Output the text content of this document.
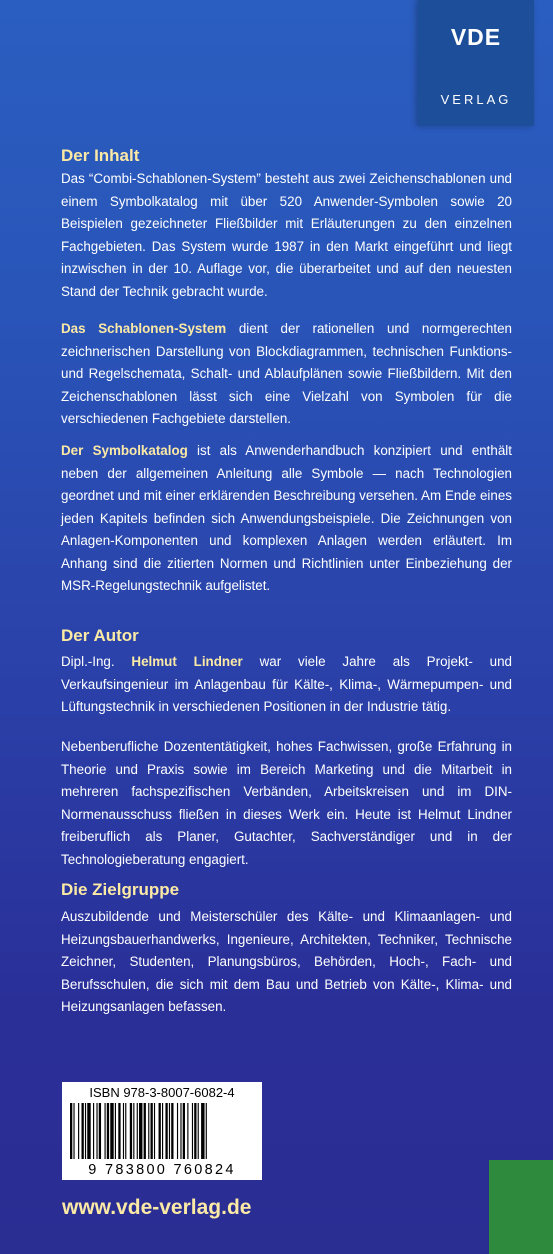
VDE
VERLAG
Der Inhalt

Das “Combi-Schablonen-System” besteht aus zwei Zeichenschablonen und einem Symbolkatalog mit über 520 Anwender-Symbolen sowie 20 Beispielen gezeichneter Fließbilder mit Erläuterungen zu den einzelnen Fachgebieten. Das System wurde 1987 in den Markt eingeführt und liegt inzwischen in der 10. Auflage vor, die überarbeitet und auf den neuesten Stand der Technik gebracht wurde.

Das Schablonen-System dient der rationellen und normgerechten zeichnerischen Darstellung von Blockdiagrammen, technischen Funktions- und Regelschemata, Schalt- und Ablaufplänen sowie Fließbildern. Mit den Zeichenschablonen lässt sich eine Vielzahl von Symbolen für die verschiedenen Fachgebiete darstellen.

Der Symbolkatalog ist als Anwenderhandbuch konzipiert und enthält neben der allgemeinen Anleitung alle Symbole — nach Technologien geordnet und mit einer erklärenden Beschreibung versehen. Am Ende eines jeden Kapitels befinden sich Anwendungsbeispiele. Die Zeichnungen von Anlagen-Komponenten und komplexen Anlagen werden erläutert. Im Anhang sind die zitierten Normen und Richtlinien unter Einbeziehung der MSR-Regelungstechnik aufgelistet.

Der Autor

Dipl.-Ing. Helmut Lindner war viele Jahre als Projekt- und Verkaufsingenieur im Anlagenbau für Kälte-, Klima-, Wärmepumpen- und Lüftungstechnik in verschiedenen Positionen in der Industrie tätig.

Nebenberufliche Dozententätigkeit, hohes Fachwissen, große Erfahrung in Theorie und Praxis sowie im Bereich Marketing und die Mitarbeit in mehreren fachspezifischen Verbänden, Arbeitskreisen und im DIN-Normenausschuss fließen in dieses Werk ein. Heute ist Helmut Lindner freiberuflich als Planer, Gutachter, Sachverständiger und in der Technologieberatung engagiert.

Die Zielgruppe

Auszubildende und Meisterschüler des Kälte- und Klimaanlagen- und Heizungsbauerhandwerks, Ingenieure, Architekten, Techniker, Technische Zeichner, Studenten, Planungsbüros, Behörden, Hoch-, Fach- und Berufsschulen, die sich mit dem Bau und Betrieb von Kälte-, Klima- und Heizungsanlagen befassen.

ISBN 978-3-8007-6082-4
9 783800 760824
www.vde-verlag.de
